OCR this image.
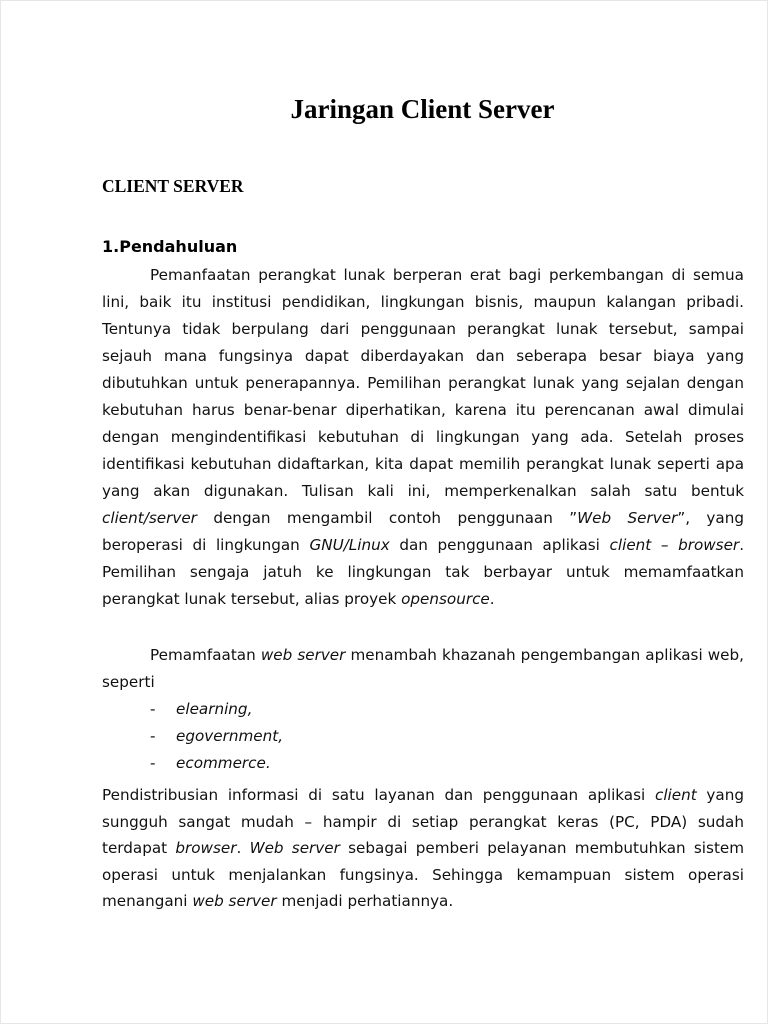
Jaringan Client Server
CLIENT SERVER
1.Pendahuluan

Pemanfaatan perangkat lunak berperan erat bagi perkembangan di semua lini, baik itu institusi pendidikan, lingkungan bisnis, maupun kalangan pribadi. Tentunya tidak berpulang dari penggunaan perangkat lunak tersebut, sampai sejauh mana fungsinya dapat diberdayakan dan seberapa besar biaya yang dibutuhkan untuk penerapannya. Pemilihan perangkat lunak yang sejalan dengan kebutuhan harus benar-benar diperhatikan, karena itu perencanan awal dimulai dengan mengindentifikasi kebutuhan di lingkungan yang ada. Setelah proses identifikasi kebutuhan didaftarkan, kita dapat memilih perangkat lunak seperti apa yang akan digunakan. Tulisan kali ini, memperkenalkan salah satu bentuk client/server dengan mengambil contoh penggunaan ”Web Server”, yang beroperasi di lingkungan GNU/Linux dan penggunaan aplikasi client – browser. Pemilihan sengaja jatuh ke lingkungan tak berbayar untuk memamfaatkan perangkat lunak tersebut, alias proyek opensource.

Pemamfaatan web server menambah khazanah pengembangan aplikasi web, seperti

- elearning,
- egovernment,
- ecommerce.

Pendistribusian informasi di satu layanan dan penggunaan aplikasi client yang sungguh sangat mudah – hampir di setiap perangkat keras (PC, PDA) sudah terdapat browser. Web server sebagai pemberi pelayanan membutuhkan sistem operasi untuk menjalankan fungsinya. Sehingga kemampuan sistem operasi menangani web server menjadi perhatiannya.
